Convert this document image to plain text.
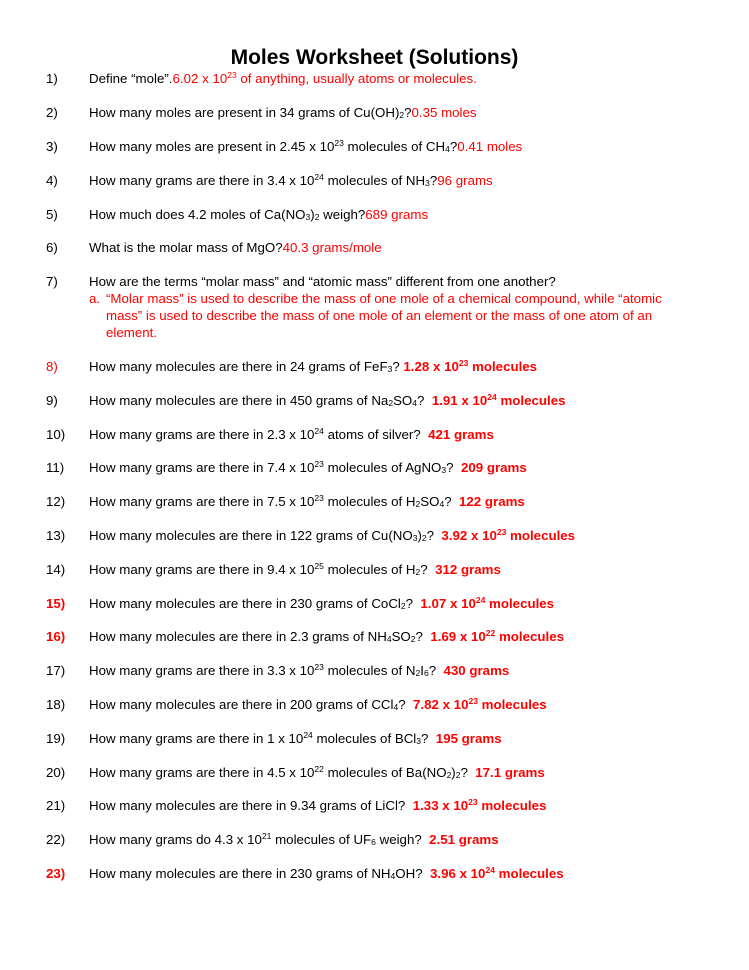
Moles Worksheet (Solutions)
1) Define “mole”.6.02 x $10^{23}$ of anything, usually atoms or molecules.
2) How many moles are present in 34 grams of $Cu(OH)_2?0.35$ moles
3) How many moles are present in 2.45 x $10^{23}$ molecules of $CH_4?0.41$ moles
4) How many grams are there in 3.4 x $10^{24}$ molecules of $NH_3?96$ grams
5) How much does 4.2 moles of $Ca(NO_3)_2$ weigh?689 grams
6) What is the molar mass of MgO?40.3 grams/mole
7) How are the terms “molar mass” and “atomic mass” different from one another?
a. “Molar mass” is used to describe the mass of one mole of a chemical compound, while “atomic mass” is used to describe the mass of one mole of an element or the mass of one atom of an element.
8) How many molecules are there in 24 grams of FeF$_3$? 1.28 x $10^{23}$ molecules
9) How many molecules are there in 450 grams of $Na_2SO_4$?  1.91 x $10^{24}$ molecules
10) How many grams are there in 2.3 x $10^{24}$ atoms of silver?  421 grams
11) How many grams are there in 7.4 x $10^{23}$ molecules of AgNO$_3$?  209 grams
12) How many grams are there in 7.5 x $10^{23}$ molecules of $H_2SO_4$?  122 grams
13) How many molecules are there in 122 grams of $Cu(NO_3)_2$?  3.92 x $10^{23}$ molecules
14) How many grams are there in 9.4 x $10^{25}$ molecules of $H_2$?  312 grams
15) How many molecules are there in 230 grams of CoCl$_2$?  1.07 x $10^{24}$ molecules
16) How many molecules are there in 2.3 grams of $NH_4SO_2$?  1.69 x $10^{22}$ molecules
17) How many grams are there in 3.3 x $10^{23}$ molecules of $N_2I_6$?  430 grams
18) How many molecules are there in 200 grams of CCl$_4$?  7.82 x $10^{23}$ molecules
19) How many grams are there in 1 x $10^{24}$ molecules of BCl$_3$?  195 grams
20) How many grams are there in 4.5 x $10^{22}$ molecules of $Ba(NO_2)_2$?  17.1 grams
21) How many molecules are there in 9.34 grams of LiCl?  1.33 x $10^{23}$ molecules
22) How many grams do 4.3 x $10^{21}$ molecules of $UF_6$ weigh?  2.51 grams
23) How many molecules are there in 230 grams of $NH_4OH$?  3.96 x $10^{24}$ molecules
